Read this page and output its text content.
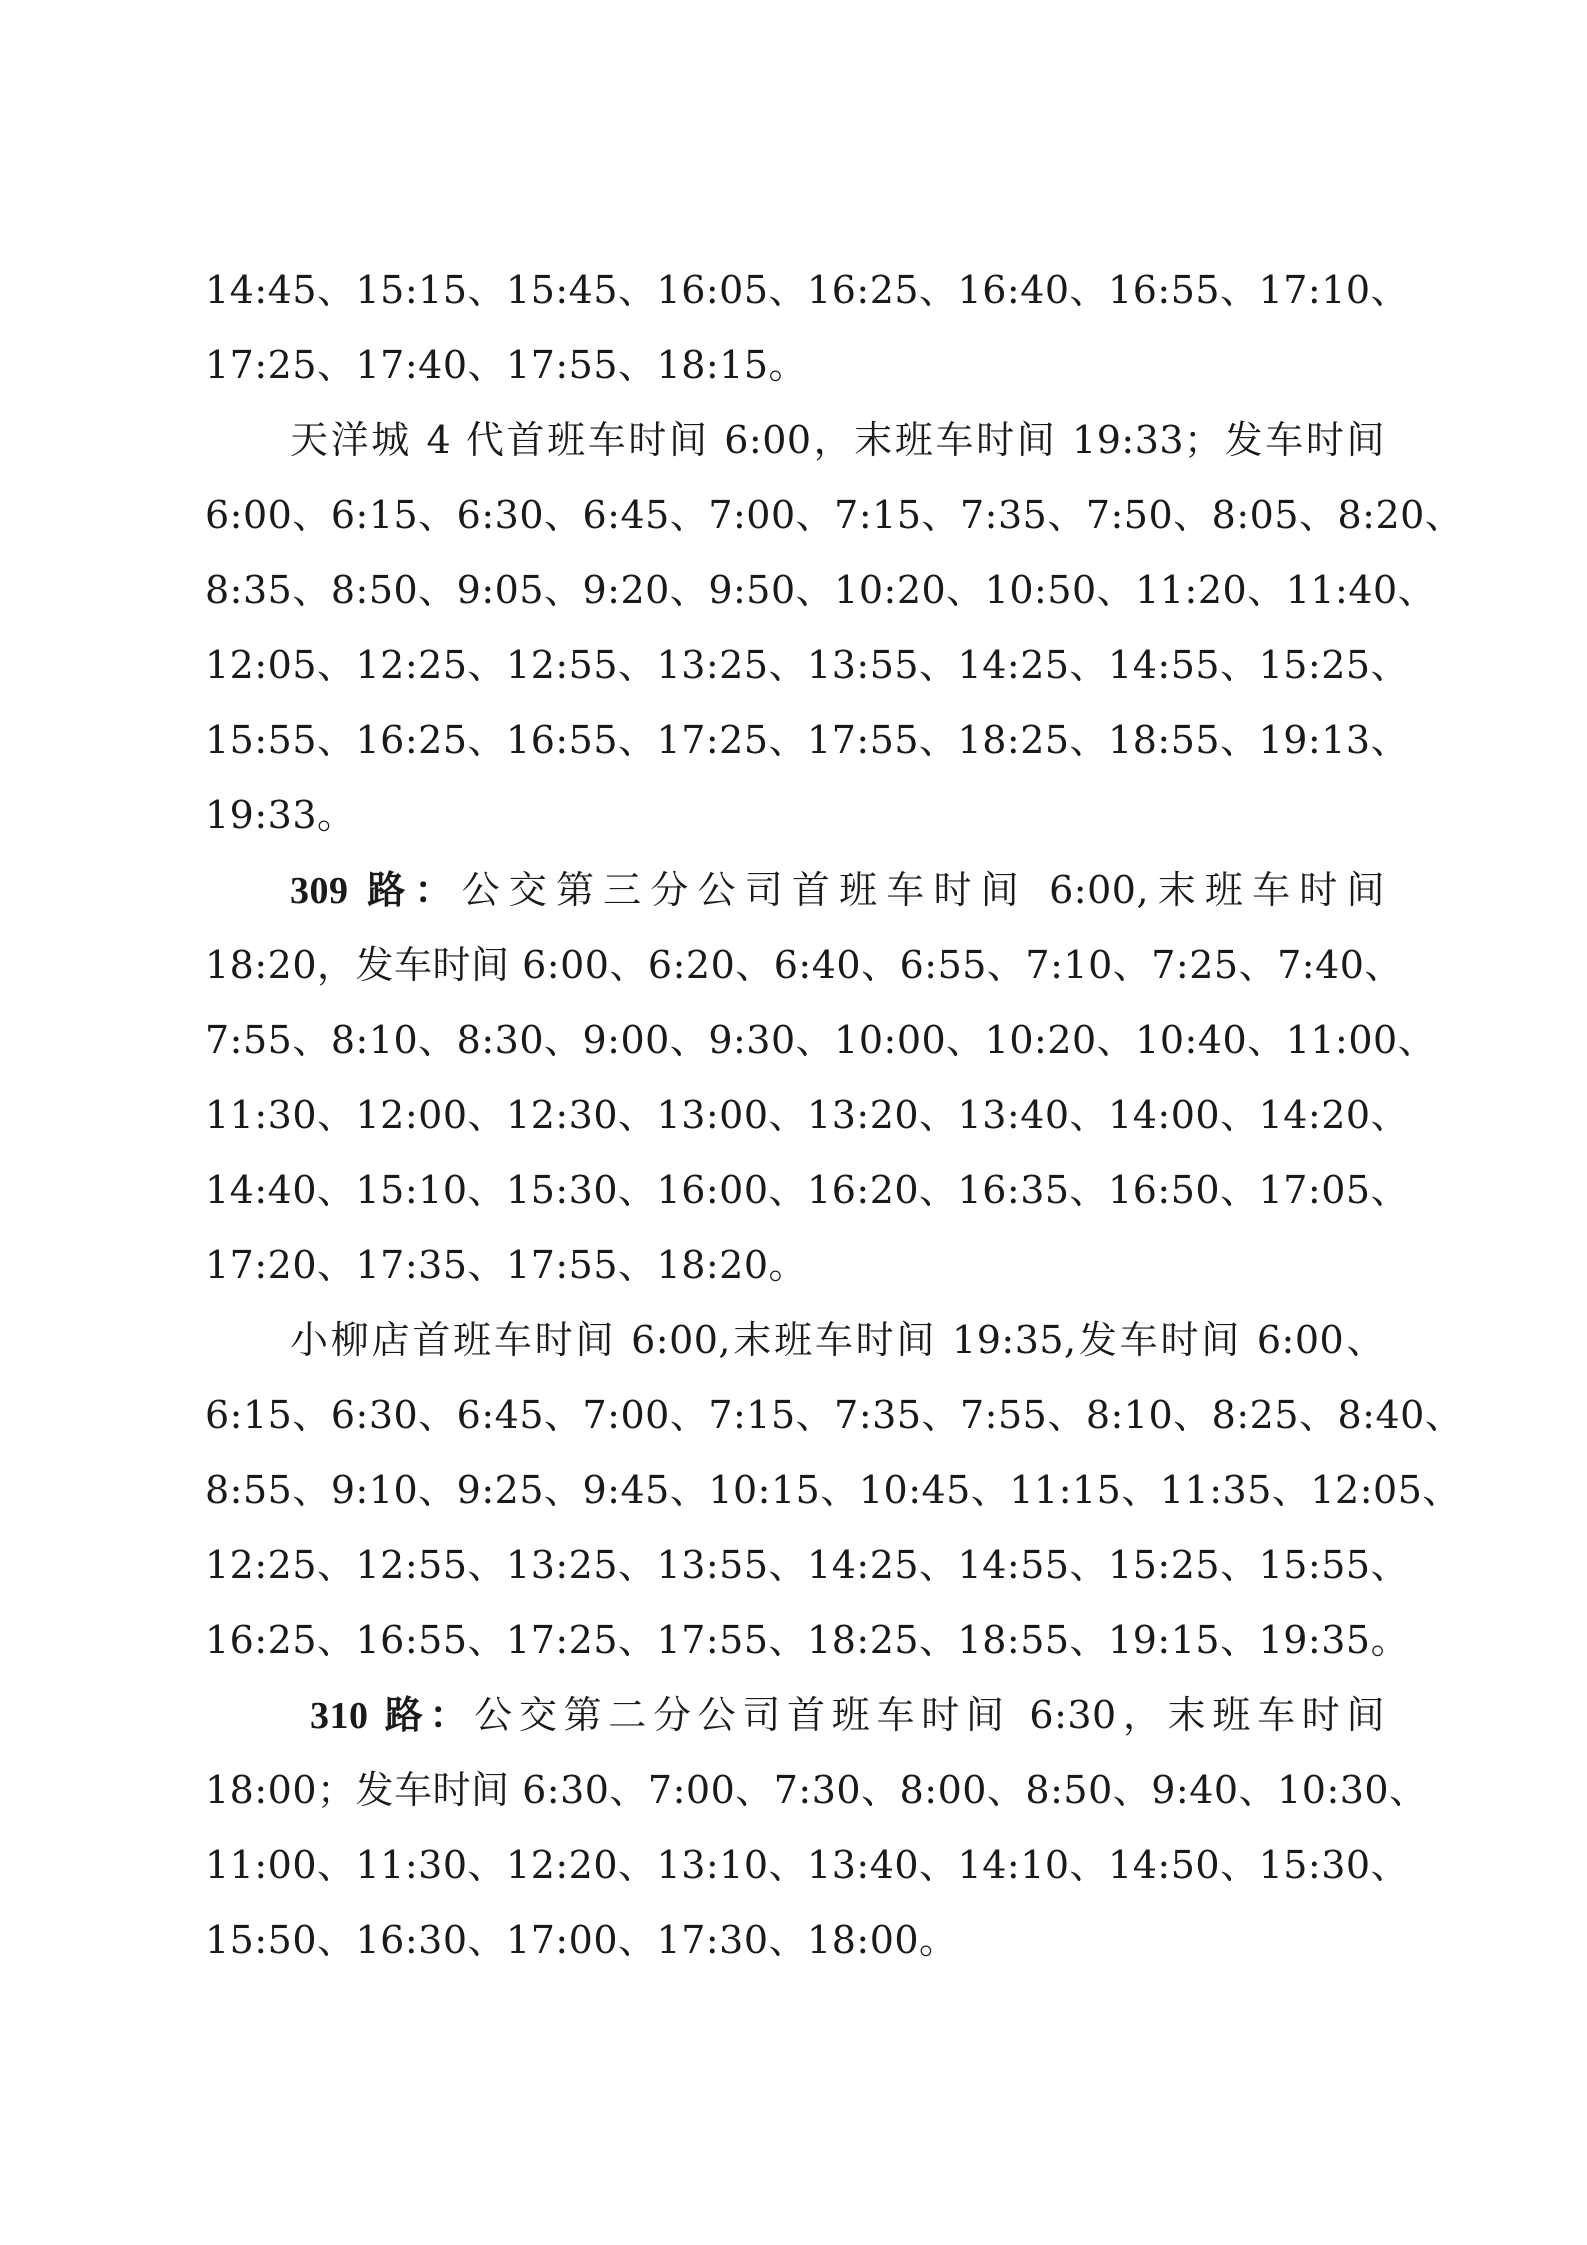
14:45、15:15、15:45、16:05、16:25、16:40、16:55、17:10、
17:25、17:40、17:55、18:15。
天洋城 4 代首班车时间 6:00，末班车时间 19:33；发车时间
6:00、6:15、6:30、6:45、7:00、7:15、7:35、7:50、8:05、8:20、
8:35、8:50、9:05、9:20、9:50、10:20、10:50、11:20、11:40、
12:05、12:25、12:55、13:25、13:55、14:25、14:55、15:25、
15:55、16:25、16:55、17:25、17:55、18:25、18:55、19:13、
19:33。
309 路：公交第三分公司首班车时间 6:00,末班车时间
18:20，发车时间 6:00、6:20、6:40、6:55、7:10、7:25、7:40、
7:55、8:10、8:30、9:00、9:30、10:00、10:20、10:40、11:00、
11:30、12:00、12:30、13:00、13:20、13:40、14:00、14:20、
14:40、15:10、15:30、16:00、16:20、16:35、16:50、17:05、
17:20、17:35、17:55、18:20。
小柳店首班车时间 6:00,末班车时间 19:35,发车时间 6:00、
6:15、6:30、6:45、7:00、7:15、7:35、7:55、8:10、8:25、8:40、
8:55、9:10、9:25、9:45、10:15、10:45、11:15、11:35、12:05、
12:25、12:55、13:25、13:55、14:25、14:55、15:25、15:55、
16:25、16:55、17:25、17:55、18:25、18:55、19:15、19:35。
310 路：公交第二分公司首班车时间 6:30，末班车时间
18:00；发车时间 6:30、7:00、7:30、8:00、8:50、9:40、10:30、
11:00、11:30、12:20、13:10、13:40、14:10、14:50、15:30、
15:50、16:30、17:00、17:30、18:00。
